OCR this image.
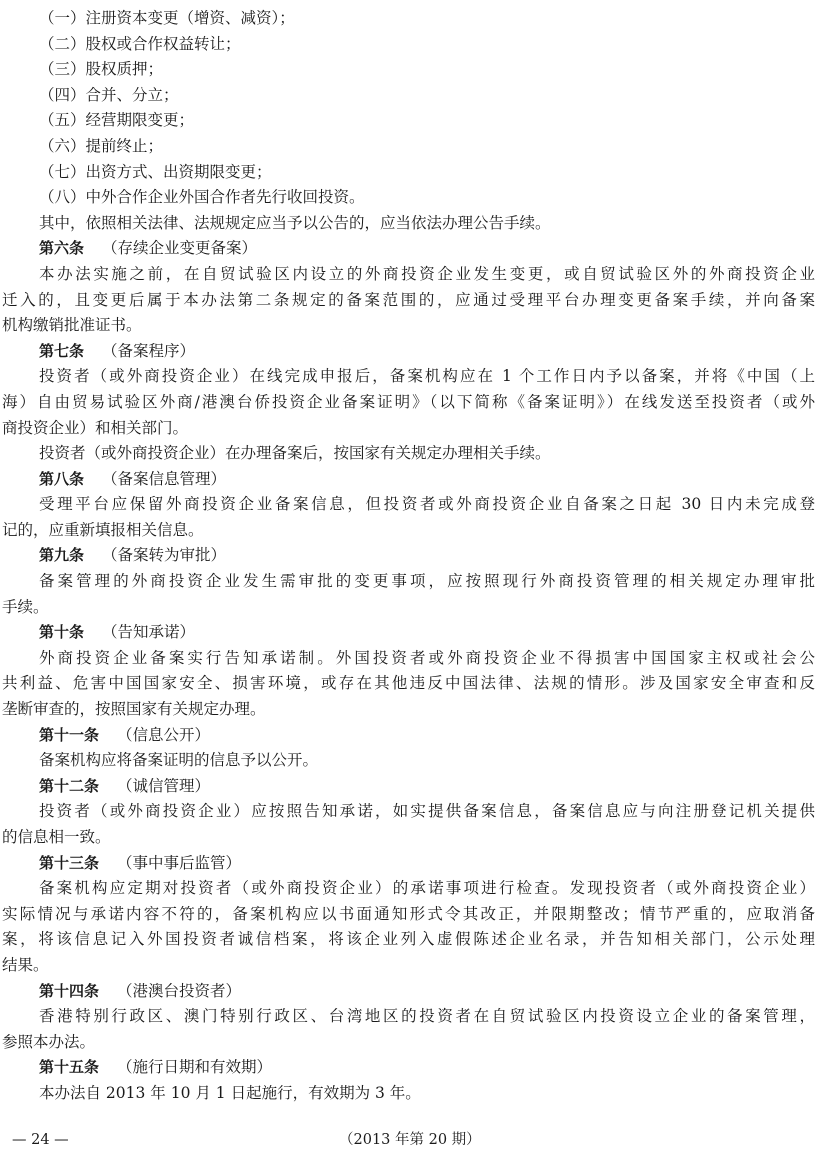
（一）注册资本变更（增资、减资）；
（二）股权或合作权益转让；
（三）股权质押；
（四）合并、分立；
（五）经营期限变更；
（六）提前终止；
（七）出资方式、出资期限变更；
（八）中外合作企业外国合作者先行收回投资。
其中，依照相关法律、法规规定应当予以公告的，应当依法办理公告手续。
第六条 （存续企业变更备案）
本办法实施之前，在自贸试验区内设立的外商投资企业发生变更，或自贸试验区外的外商投资企业
迁入的，且变更后属于本办法第二条规定的备案范围的，应通过受理平台办理变更备案手续，并向备案
机构缴销批准证书。
第七条 （备案程序）
投资者（或外商投资企业）在线完成申报后，备案机构应在 1 个工作日内予以备案，并将《中国（上
海）自由贸易试验区外商/港澳台侨投资企业备案证明》（以下简称《备案证明》）在线发送至投资者（或外
商投资企业）和相关部门。
投资者（或外商投资企业）在办理备案后，按国家有关规定办理相关手续。
第八条 （备案信息管理）
受理平台应保留外商投资企业备案信息，但投资者或外商投资企业自备案之日起 30 日内未完成登
记的，应重新填报相关信息。
第九条 （备案转为审批）
备案管理的外商投资企业发生需审批的变更事项，应按照现行外商投资管理的相关规定办理审批
手续。
第十条 （告知承诺）
外商投资企业备案实行告知承诺制。外国投资者或外商投资企业不得损害中国国家主权或社会公
共利益、危害中国国家安全、损害环境，或存在其他违反中国法律、法规的情形。涉及国家安全审查和反
垄断审查的，按照国家有关规定办理。
第十一条 （信息公开）
备案机构应将备案证明的信息予以公开。
第十二条 （诚信管理）
投资者（或外商投资企业）应按照告知承诺，如实提供备案信息，备案信息应与向注册登记机关提供
的信息相一致。
第十三条 （事中事后监管）
备案机构应定期对投资者（或外商投资企业）的承诺事项进行检查。发现投资者（或外商投资企业）
实际情况与承诺内容不符的，备案机构应以书面通知形式令其改正，并限期整改；情节严重的，应取消备
案，将该信息记入外国投资者诚信档案，将该企业列入虚假陈述企业名录，并告知相关部门，公示处理
结果。
第十四条 （港澳台投资者）
香港特别行政区、澳门特别行政区、台湾地区的投资者在自贸试验区内投资设立企业的备案管理，
参照本办法。
第十五条 （施行日期和有效期）
本办法自 2013 年 10 月 1 日起施行，有效期为 3 年。
— 24 —	（2013 年第 20 期）
